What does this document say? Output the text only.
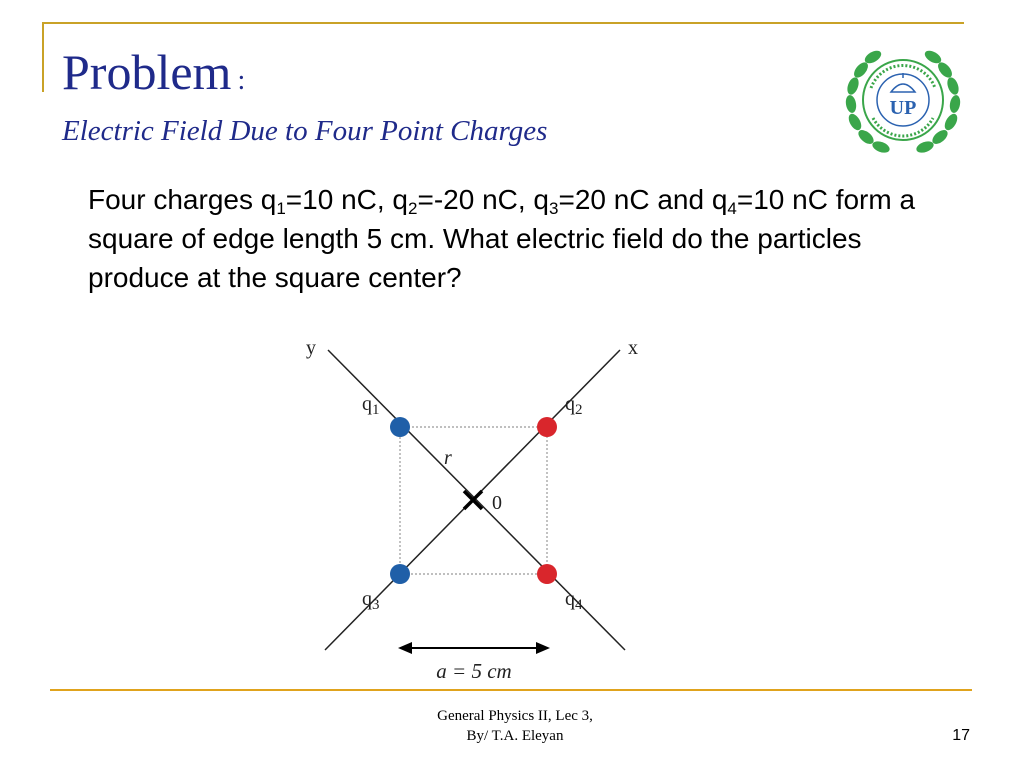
Problem :
Electric Field Due to Four Point Charges
UP
Four charges $q_1=10$ nC, $q_2=-20$ nC, $q_3=20$ nC and $q_4=10$ nC form a square of edge length 5 cm. What electric field do the particles produce at the square center?
y	x
$q_1$	$q_2$
$q_3$	$q_4$
r
0
a = 5 cm
General Physics II, Lec 3,
By/ T.A. Eleyan	17
